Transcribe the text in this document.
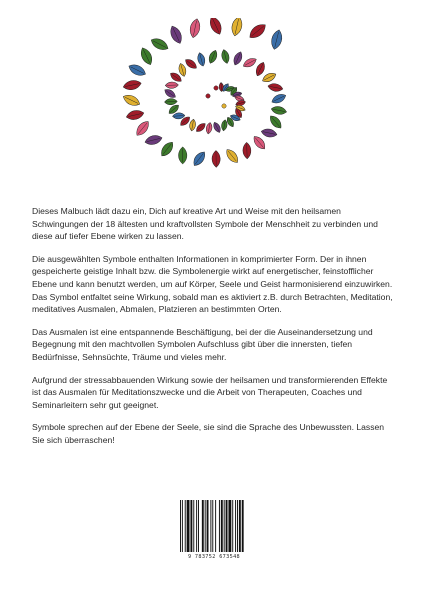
Dieses Malbuch lädt dazu ein, Dich auf kreative Art und Weise mit den heilsamen Schwingungen der 18 ältesten und kraftvollsten Symbole der Menschheit zu verbinden und diese auf tiefer Ebene wirken zu lassen.

Die ausgewählten Symbole enthalten Informationen in komprimierter Form. Der in ihnen gespeicherte geistige Inhalt bzw. die Symbolenergie wirkt auf energetischer, feinstofflicher Ebene und kann benutzt werden, um auf Körper, Seele und Geist harmonisierend einzuwirken. Das Symbol entfaltet seine Wirkung, sobald man es aktiviert z.B. durch Betrachten, Meditation, meditatives Ausmalen, Abmalen, Platzieren an bestimmten Orten.

Das Ausmalen ist eine entspannende Beschäftigung, bei der die Auseinandersetzung und Begegnung mit den machtvollen Symbolen Aufschluss gibt über die innersten, tiefen Bedürfnisse, Sehnsüchte, Träume und vieles mehr.

Aufgrund der stressabbauenden Wirkung sowie der heilsamen und transformierenden Effekte ist das Ausmalen für Meditationszwecke und die Arbeit von Therapeuten, Coaches und Seminarleitern sehr gut geeignet.

Symbole sprechen auf der Ebene der Seele, sie sind die Sprache des Unbewussten. Lassen Sie sich überraschen!

9 783752 673548
